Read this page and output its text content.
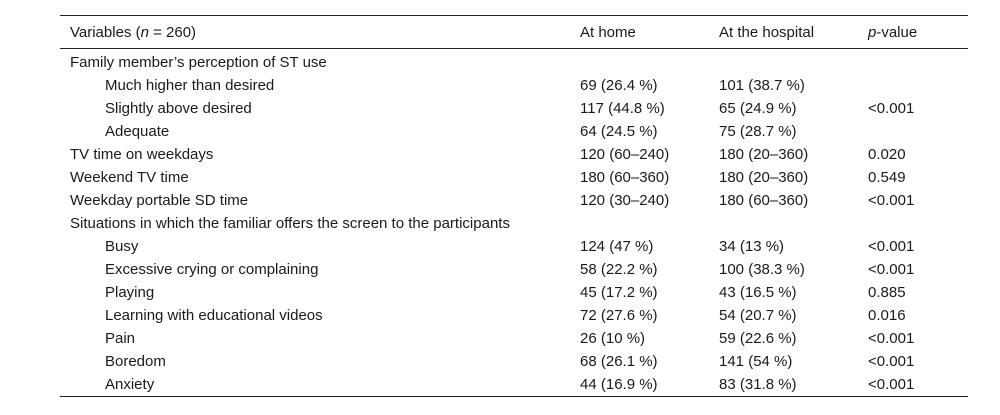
Variables (n = 260)	At home	At the hospital	p-value
Family member’s perception of ST use			
Much higher than desired	69 (26.4 %)	101 (38.7 %)	
Slightly above desired	117 (44.8 %)	65 (24.9 %)	<0.001
Adequate	64 (24.5 %)	75 (28.7 %)	
TV time on weekdays	120 (60–240)	180 (20–360)	0.020
Weekend TV time	180 (60–360)	180 (20–360)	0.549
Weekday portable SD time	120 (30–240)	180 (60–360)	<0.001
Situations in which the familiar offers the screen to the participants			
Busy	124 (47 %)	34 (13 %)	<0.001
Excessive crying or complaining	58 (22.2 %)	100 (38.3 %)	<0.001
Playing	45 (17.2 %)	43 (16.5 %)	0.885
Learning with educational videos	72 (27.6 %)	54 (20.7 %)	0.016
Pain	26 (10 %)	59 (22.6 %)	<0.001
Boredom	68 (26.1 %)	141 (54 %)	<0.001
Anxiety	44 (16.9 %)	83 (31.8 %)	<0.001
